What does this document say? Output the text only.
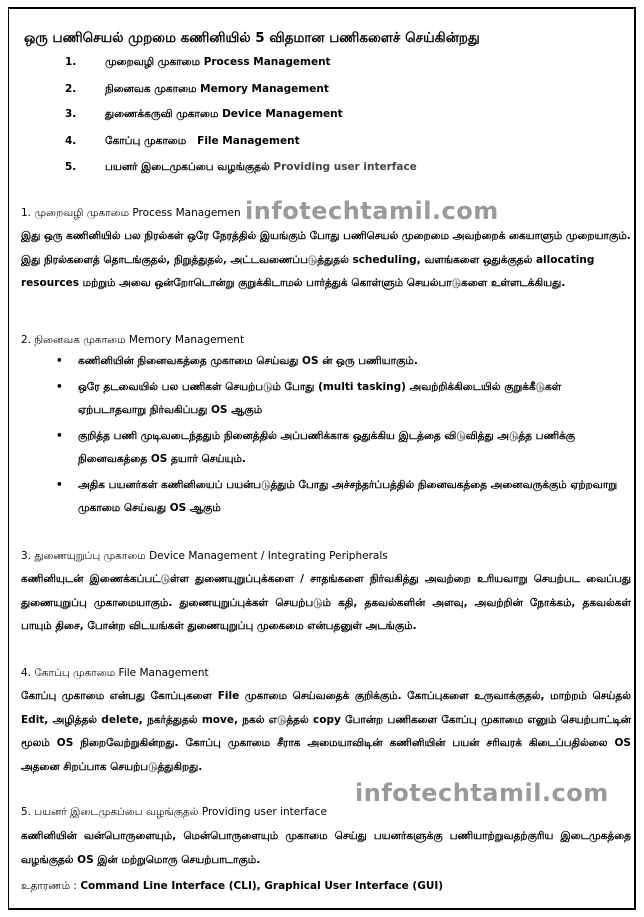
ஒரு பணிசெயல் முறமை கணினியில் 5 விதமான பணிகளைச் செய்கின்றது
1.	முறைவழி முகாமை Process Management
2.	நினைவக முகாமை Memory Management
3.	துணைக்கருவி முகாமை Device Management
4.	கோப்பு முகாமை File Management
5.	பயனர் இடைமுகப்பை வழங்குதல் Providing user interface
1. முறைவழி முகாமை Process Managemen infotechtamil.com
இது ஒரு கணினியில் பல நிரல்கள் ஒரே நேரத்தில் இயங்கும் போது பணிசெயல் முறைமை அவற்றைக் கையாளும் முறையாகும். இது நிரல்களைத் தொடங்குதல், நிறுத்துதல், அட்டவணைப்படுத்துதல் scheduling, வளங்களை ஒதுக்குதல் allocating resources மற்றும் அவை ஒன்றோடொன்று குறுக்கிடாமல் பார்த்துக் கொள்ளும் செயல்பாடுகளை உள்ளடக்கியது.
2. நினைவக முகாமை Memory Management
• கணினியின் நினைவகத்தை முகாமை செய்வது OS ன் ஒரு பணியாகும்.
• ஒரே தடவையில் பல பணிகள் செயற்படும் போது (multi tasking) அவற்றிக்கிடையில் குறுக்கீடுகள் ஏற்படாதவாறு நிர்வகிப்பது OS ஆகும்
• குறித்த பணி முடிவடைந்ததும் நினைத்தில் அப்பணிக்காக ஒதுக்கிய இடத்தை விடுவித்து அடுத்த பணிக்கு நினைவகத்தை OS தயார் செய்யும்.
• அதிக பயனர்கள் கணினியைப் பயன்படுத்தும் போது அச்சந்தர்ப்பத்தில் நினைவகத்தை அனைவருக்கும் ஏற்றவாறு முகாமை செய்வது OS ஆகும்
3. துணையுறுப்பு முகாமை Device Management / Integrating Peripherals
கணினியுடன் இணைக்கப்பட்டுள்ள துணையுறுப்புக்களை / சாதங்களை நிர்வகித்து அவற்றை உரியவாறு செயற்பட வைப்பது துணையுறுப்பு முகாமையாகும். துணையுறுப்புக்கள் செயற்படும் கதி, தகவல்களின் அளவு, அவற்றின் நோக்கம், தகவல்கள் பாயும் திசை, போன்ற விடயங்கள் துணையுறுப்பு முகைமை என்பதனுள் அடங்கும்.
4. கோப்பு முகாமை File Management
கோப்பு முகாமை என்பது கோப்புகளை File முகாமை செய்வதைக் குறிக்கும். கோப்புகளை உருவாக்குதல், மாற்றம் செய்தல் Edit, அழித்தல் delete, நகர்த்துதல் move, நகல் எடுத்தல் copy போன்ற பணிகளை கோப்பு முகாமை எனும் செயற்பாட்டின் மூலம் OS நிறைவேற்றுகின்றது. கோப்பு முகாமை சீராக அமையாவிடின் கணினியின் பயன் சரிவரக் கிடைப்பதில்லை OS அதனை சிறப்பாக செயற்படுத்துகிறது.
infotechtamil.com
5. பயனர் இடைமுகப்பை வழங்குதல் Providing user interface
கணினியின் வன்பொருளையும், மென்பொருளையும் முகாமை செய்து பயனர்களுக்கு பணியாற்றுவதற்குரிய இடைமுகத்தை வழங்குதல் OS இன் மற்றுமொரு செயற்பாடாகும்.
உதாரணம் : Command Line Interface (CLI), Graphical User Interface (GUI)
